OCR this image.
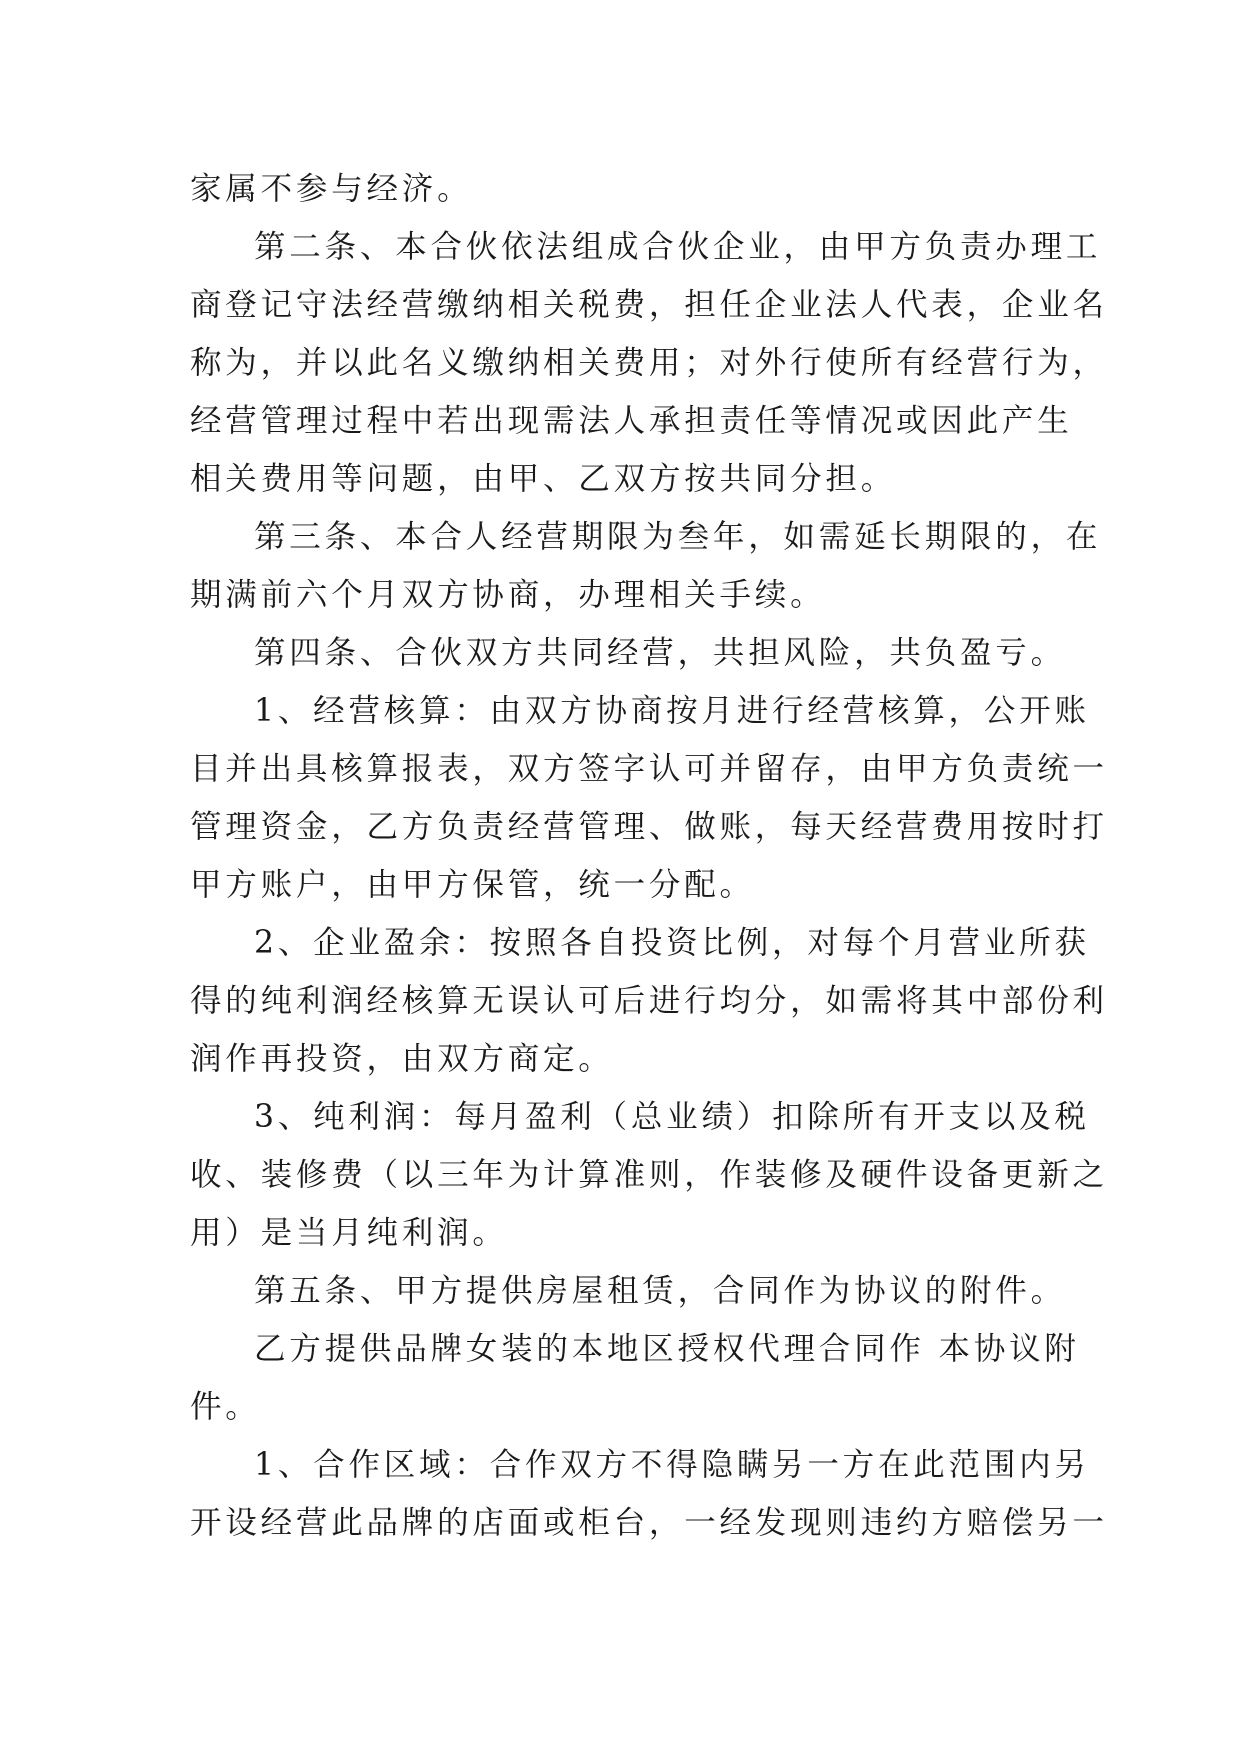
家属不参与经济。
第二条、本合伙依法组成合伙企业，由甲方负责办理工
商登记守法经营缴纳相关税费，担任企业法人代表，企业名
称为，并以此名义缴纳相关费用；对外行使所有经营行为，
经营管理过程中若出现需法人承担责任等情况或因此产生
相关费用等问题，由甲、乙双方按共同分担。
第三条、本合人经营期限为叁年，如需延长期限的，在
期满前六个月双方协商，办理相关手续。
第四条、合伙双方共同经营，共担风险，共负盈亏。
1、经营核算：由双方协商按月进行经营核算，公开账
目并出具核算报表，双方签字认可并留存，由甲方负责统一
管理资金，乙方负责经营管理、做账，每天经营费用按时打
甲方账户，由甲方保管，统一分配。
2、企业盈余：按照各自投资比例，对每个月营业所获
得的纯利润经核算无误认可后进行均分，如需将其中部份利
润作再投资，由双方商定。
3、纯利润：每月盈利（总业绩）扣除所有开支以及税
收、装修费（以三年为计算准则，作装修及硬件设备更新之
用）是当月纯利润。
第五条、甲方提供房屋租赁，合同作为协议的附件。
乙方提供品牌女装的本地区授权代理合同作 本协议附
件。
1、合作区域：合作双方不得隐瞒另一方在此范围内另
开设经营此品牌的店面或柜台，一经发现则违约方赔偿另一
